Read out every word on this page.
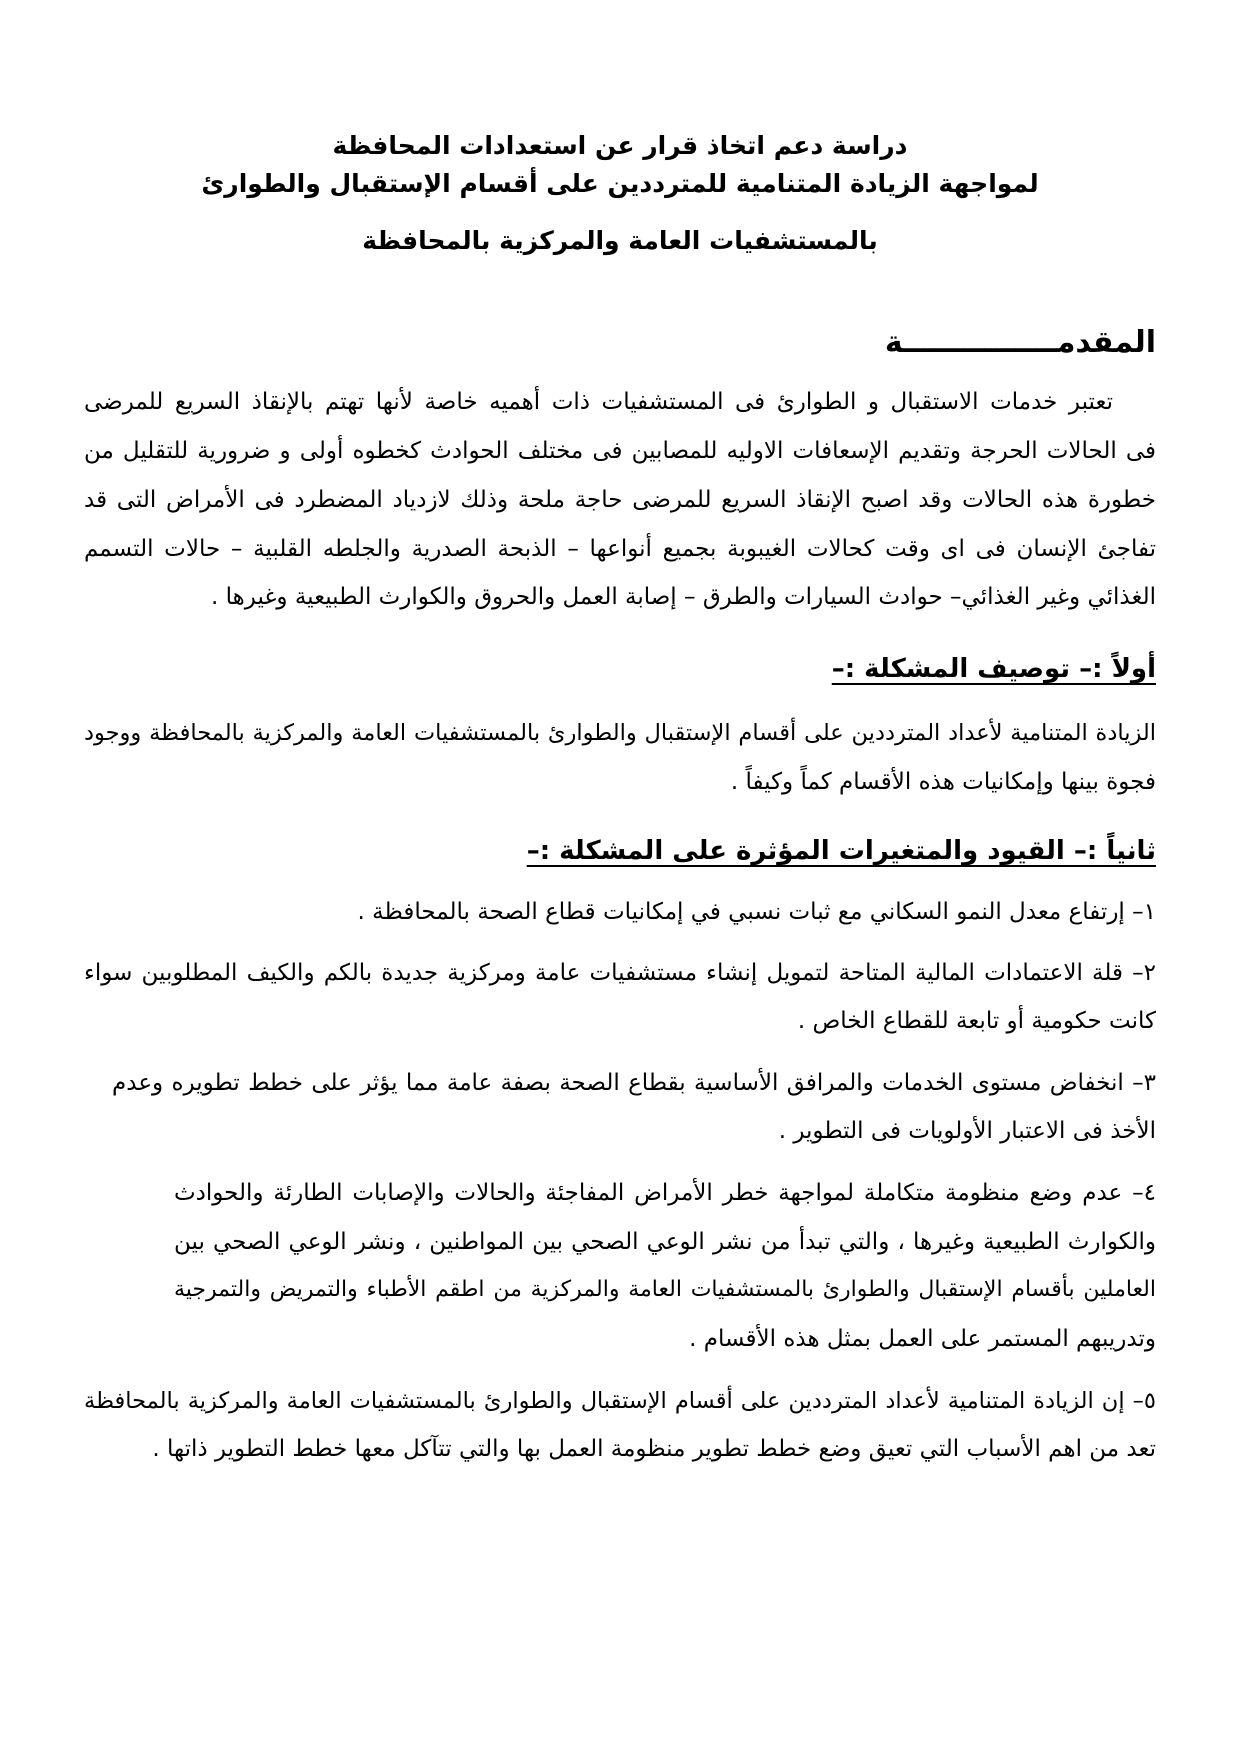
دراسة دعم اتخاذ قرار عن استعدادات المحافظة
لمواجهة الزيادة المتنامية للمترددين على أقسام الإستقبال والطوارئ
بالمستشفيات العامة والمركزية بالمحافظة
المقدمـــــــــــــــة
تعتبر خدمات الاستقبال و الطوارئ فى المستشفيات ذات أهميه خاصة لأنها تهتم بالإنقاذ السريع للمرضى
فى الحالات الحرجة وتقديم الإسعافات الاوليه للمصابين فى مختلف الحوادث كخطوه أولى و ضرورية للتقليل من
خطورة هذه الحالات وقد اصبح الإنقاذ السريع للمرضى حاجة ملحة وذلك لازدياد المضطرد فى الأمراض التى قد
تفاجئ الإنسان فى اى وقت كحالات الغيبوبة بجميع أنواعها – الذبحة الصدرية والجلطه القلبية – حالات التسمم
الغذائي وغير الغذائي– حوادث السيارات والطرق – إصابة العمل والحروق والكوارث الطبيعية وغيرها .
أولاً :– توصيف المشكلة :–
الزيادة المتنامية لأعداد المترددين على أقسام الإستقبال والطوارئ بالمستشفيات العامة والمركزية بالمحافظة ووجود
فجوة بينها وإمكانيات هذه الأقسام كماً وكيفاً .
ثانياً :– القيود والمتغيرات المؤثرة على المشكلة :–
١– إرتفاع معدل النمو السكاني مع ثبات نسبي في إمكانيات قطاع الصحة بالمحافظة .
٢– قلة الاعتمادات المالية المتاحة لتمويل إنشاء مستشفيات عامة ومركزية جديدة بالكم والكيف المطلوبين سواء
كانت حكومية أو تابعة للقطاع الخاص .
٣– انخفاض مستوى الخدمات والمرافق الأساسية بقطاع الصحة بصفة عامة مما يؤثر على خطط تطويره وعدم
الأخذ فى الاعتبار الأولويات فى التطوير .
٤– عدم وضع منظومة متكاملة لمواجهة خطر الأمراض المفاجئة والحالات والإصابات الطارئة والحوادث
والكوارث الطبيعية وغيرها ، والتي تبدأ من نشر الوعي الصحي بين المواطنين ، ونشر الوعي الصحي بين
العاملين بأقسام الإستقبال والطوارئ بالمستشفيات العامة والمركزية من اطقم الأطباء والتمريض والتمرجية
وتدريبهم المستمر على العمل بمثل هذه الأقسام .
٥– إن الزيادة المتنامية لأعداد المترددين على أقسام الإستقبال والطوارئ بالمستشفيات العامة والمركزية بالمحافظة
تعد من اهم الأسباب التي تعيق وضع خطط تطوير منظومة العمل بها والتي تتآكل معها خطط التطوير ذاتها .
